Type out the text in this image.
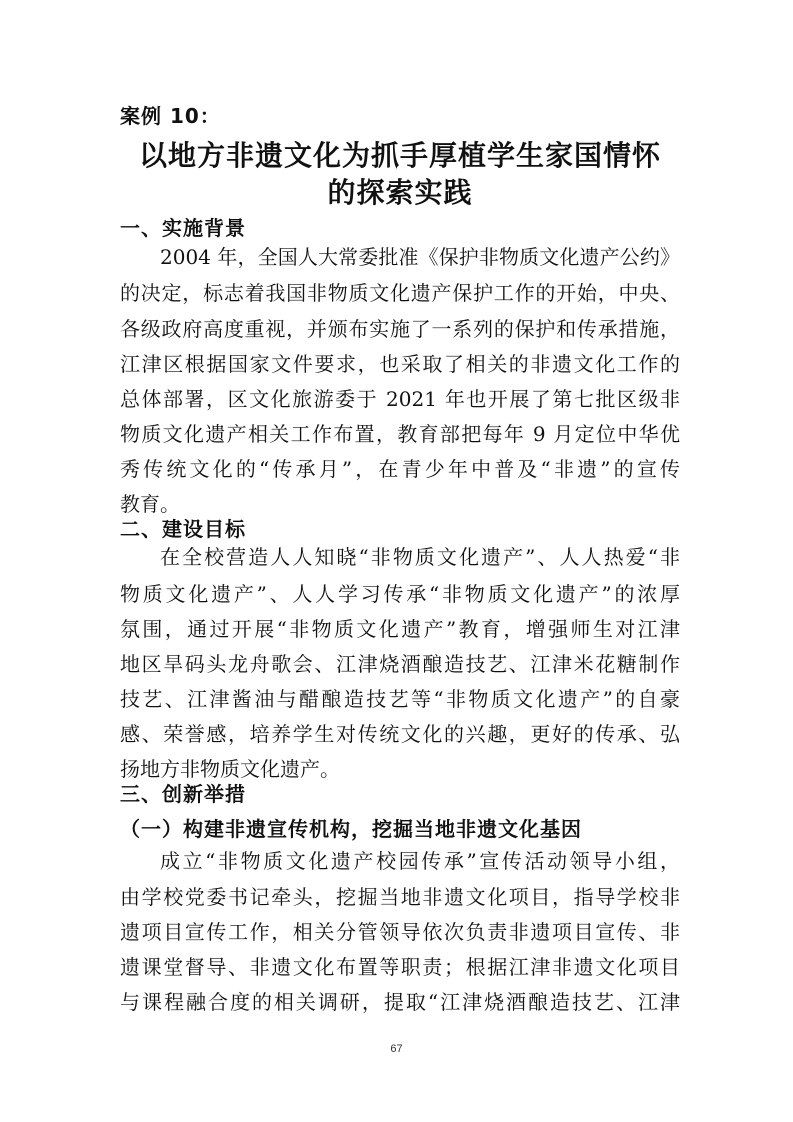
案例 10：
以地方非遗文化为抓手厚植学生家国情怀
的探索实践
一、实施背景
2004 年，全国人大常委批准《保护非物质文化遗产公约》
的决定，标志着我国非物质文化遗产保护工作的开始，中央、
各级政府高度重视，并颁布实施了一系列的保护和传承措施，
江津区根据国家文件要求，也采取了相关的非遗文化工作的
总体部署，区文化旅游委于 2021 年也开展了第七批区级非
物质文化遗产相关工作布置，教育部把每年 9 月定位中华优
秀传统文化的“传承月”，在青少年中普及“非遗”的宣传
教育。
二、建设目标
在全校营造人人知晓“非物质文化遗产”、人人热爱“非
物质文化遗产”、人人学习传承“非物质文化遗产”的浓厚
氛围，通过开展“非物质文化遗产”教育，增强师生对江津
地区旱码头龙舟歌会、江津烧酒酿造技艺、江津米花糖制作
技艺、江津酱油与醋酿造技艺等“非物质文化遗产”的自豪
感、荣誉感，培养学生对传统文化的兴趣，更好的传承、弘
扬地方非物质文化遗产。
三、创新举措
（一）构建非遗宣传机构，挖掘当地非遗文化基因
成立“非物质文化遗产校园传承”宣传活动领导小组，
由学校党委书记牵头，挖掘当地非遗文化项目，指导学校非
遗项目宣传工作，相关分管领导依次负责非遗项目宣传、非
遗课堂督导、非遗文化布置等职责；根据江津非遗文化项目
与课程融合度的相关调研，提取“江津烧酒酿造技艺、江津
67
